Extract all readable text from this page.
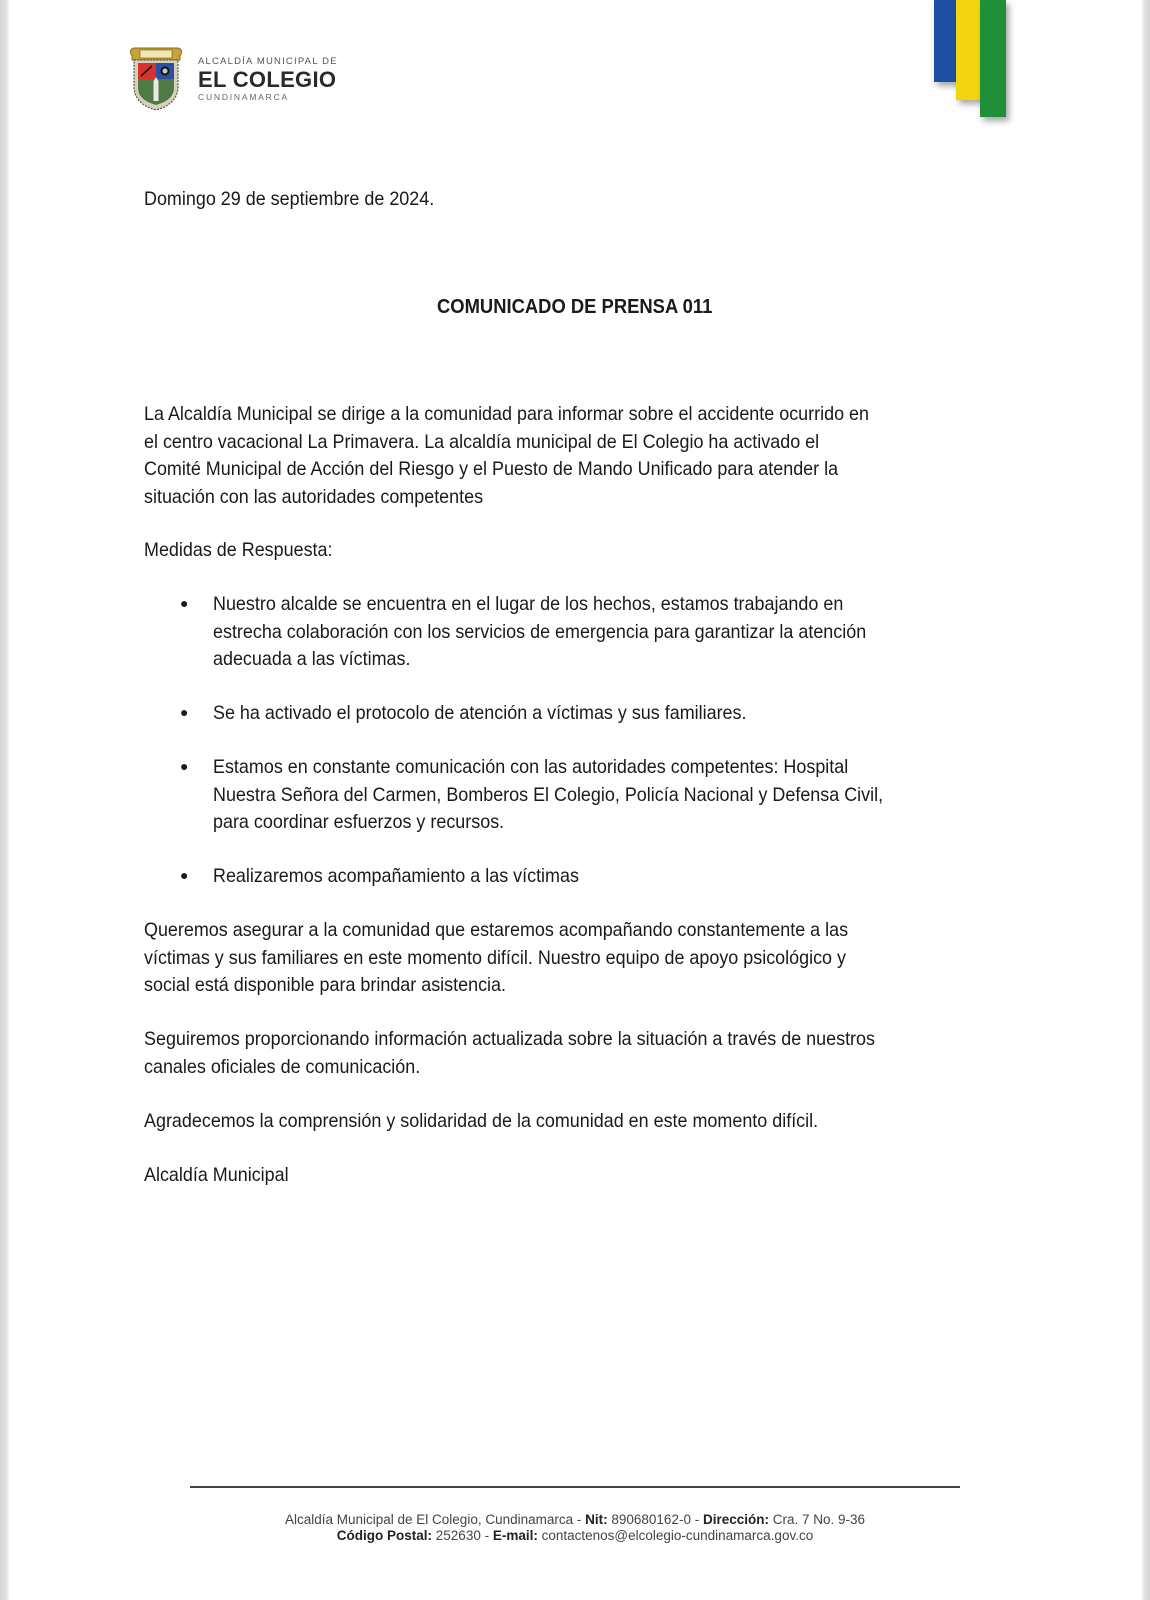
ALCALDÍA MUNICIPAL DE
EL COLEGIO
CUNDINAMARCA
Domingo 29 de septiembre de 2024.
COMUNICADO DE PRENSA 011
La Alcaldía Municipal se dirige a la comunidad para informar sobre el accidente ocurrido en
el centro vacacional La Primavera. La alcaldía municipal de El Colegio ha activado el
Comité Municipal de Acción del Riesgo y el Puesto de Mando Unificado para atender la
situación con las autoridades competentes
Medidas de Respuesta:
● Nuestro alcalde se encuentra en el lugar de los hechos, estamos trabajando en
estrecha colaboración con los servicios de emergencia para garantizar la atención
adecuada a las víctimas.
● Se ha activado el protocolo de atención a víctimas y sus familiares.
● Estamos en constante comunicación con las autoridades competentes: Hospital
Nuestra Señora del Carmen, Bomberos El Colegio, Policía Nacional y Defensa Civil,
para coordinar esfuerzos y recursos.
● Realizaremos acompañamiento a las víctimas
Queremos asegurar a la comunidad que estaremos acompañando constantemente a las
víctimas y sus familiares en este momento difícil. Nuestro equipo de apoyo psicológico y
social está disponible para brindar asistencia.
Seguiremos proporcionando información actualizada sobre la situación a través de nuestros
canales oficiales de comunicación.
Agradecemos la comprensión y solidaridad de la comunidad en este momento difícil.
Alcaldía Municipal
Alcaldía Municipal de El Colegio, Cundinamarca - Nit: 890680162-0 - Dirección: Cra. 7 No. 9-36
Código Postal: 252630 - E-mail: contactenos@elcolegio-cundinamarca.gov.co
